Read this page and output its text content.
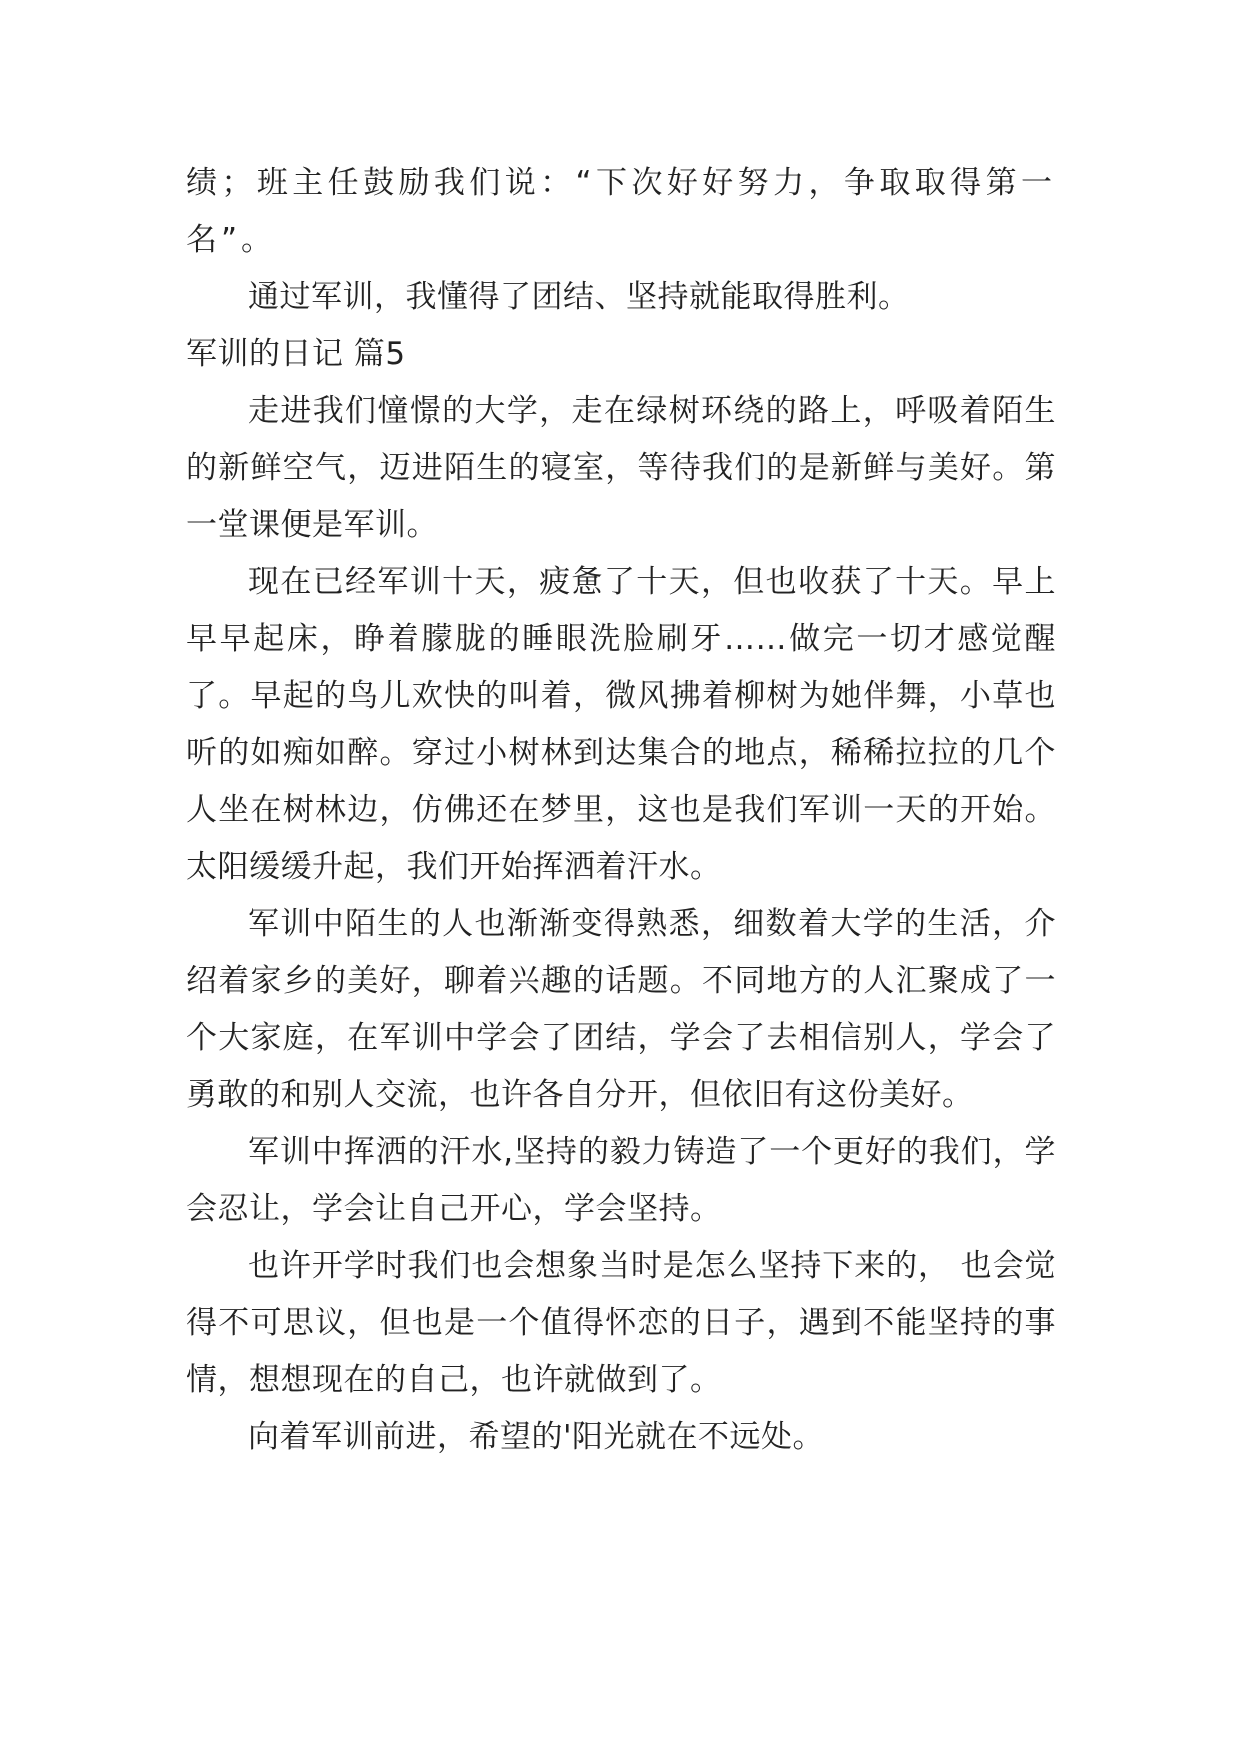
绩；班主任鼓励我们说：“下次好好努力，争取取得第一名”。

通过军训，我懂得了团结、坚持就能取得胜利。

军训的日记 篇5

走进我们憧憬的大学，走在绿树环绕的路上，呼吸着陌生的新鲜空气，迈进陌生的寝室，等待我们的是新鲜与美好。第一堂课便是军训。

现在已经军训十天，疲惫了十天，但也收获了十天。早上早早起床，睁着朦胧的睡眼洗脸刷牙……做完一切才感觉醒了。早起的鸟儿欢快的叫着，微风拂着柳树为她伴舞，小草也听的如痴如醉。穿过小树林到达集合的地点，稀稀拉拉的几个人坐在树林边，仿佛还在梦里，这也是我们军训一天的开始。太阳缓缓升起，我们开始挥洒着汗水。

军训中陌生的人也渐渐变得熟悉，细数着大学的生活，介绍着家乡的美好，聊着兴趣的话题。不同地方的人汇聚成了一个大家庭，在军训中学会了团结，学会了去相信别人，学会了勇敢的和别人交流，也许各自分开，但依旧有这份美好。

军训中挥洒的汗水,坚持的毅力铸造了一个更好的我们，学会忍让，学会让自己开心，学会坚持。

也许开学时我们也会想象当时是怎么坚持下来的， 也会觉得不可思议，但也是一个值得怀恋的日子，遇到不能坚持的事情，想想现在的自己，也许就做到了。

向着军训前进，希望的'阳光就在不远处。
